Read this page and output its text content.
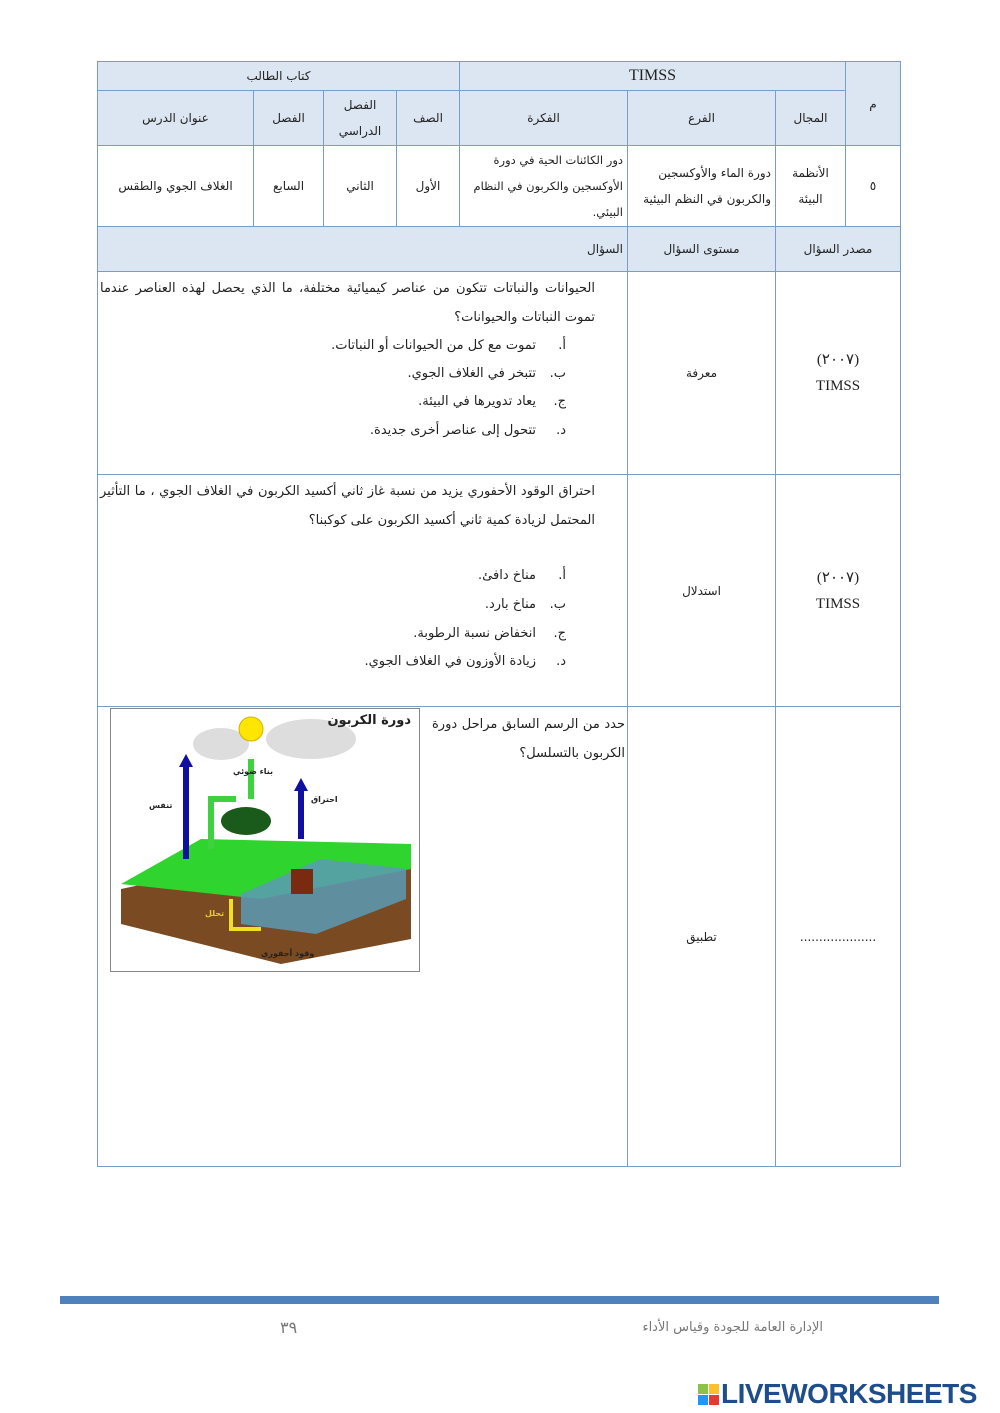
م
TIMSS
كتاب الطالب
المجال
الفرع
الفكرة
الصف
الفصل الدراسي
الفصل
عنوان الدرس
٥
الأنظمة البيئة
دورة الماء والأوكسجين والكربون في النظم البيئية
دور الكائنات الحية في دورة الأوكسجين والكربون في النظام البيئي.
الأول
الثاني
السابع
الغلاف الجوي والطقس
مصدر السؤال
مستوى السؤال
السؤال
(٢٠٠٧)
TIMSS
معرفة
الحيوانات والنباتات تتكون من عناصر كيميائية مختلفة، ما الذي يحصل لهذه العناصر عندما تموت النباتات والحيوانات؟
أ.تموت مع كل من الحيوانات أو النباتات.
ب.تتبخر في الغلاف الجوي.
ج.يعاد تدويرها في البيئة.
د.تتحول إلى عناصر أخرى جديدة.
(٢٠٠٧)
TIMSS
استدلال
احتراق الوقود الأحفوري يزيد من نسبة غاز ثاني أكسيد الكربون في الغلاف الجوي ، ما التأثير المحتمل لزيادة كمية ثاني أكسيد الكربون على كوكبنا؟
أ.مناخ دافئ.
ب.مناخ بارد.
ج.انخفاض نسبة الرطوبة.
د.زيادة الأوزون في الغلاف الجوي.
....................
تطبيق
حدد من الرسم السابق مراحل دورة الكربون بالتسلسل؟
دورة الكربون
بناء ضوئي
تنفس
احتراق
تحلل
وقود أحفوري
الإدارة العامة للجودة وقياس الأداء
٣٩
LIVEWORKSHEETS
